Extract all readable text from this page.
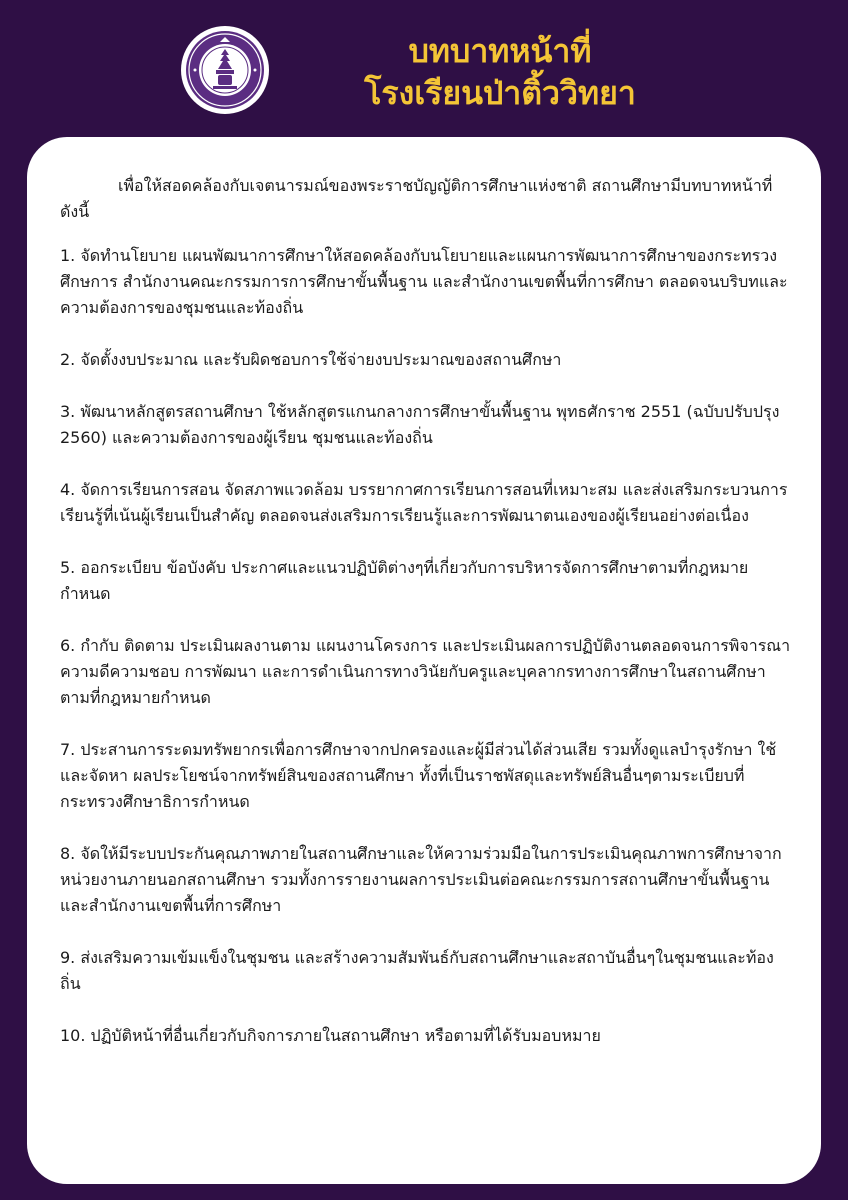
บทบาทหน้าที่
โรงเรียนป่าติ้ววิทยา

เพื่อให้สอดคล้องกับเจตนารมณ์ของพระราชบัญญัติการศึกษาแห่งชาติ สถานศึกษามีบทบาทหน้าที่ ดังนี้

1. จัดทำนโยบาย แผนพัฒนาการศึกษาให้สอดคล้องกับนโยบายและแผนการพัฒนาการศึกษาของกระทรวงศึกษการ สำนักงานคณะกรรมการการศึกษาขั้นพื้นฐาน และสำนักงานเขตพื้นที่การศึกษา ตลอดจนบริบทและความต้องการของชุมชนและท้องถิ่น

2. จัดตั้งงบประมาณ และรับผิดชอบการใช้จ่ายงบประมาณของสถานศึกษา

3. พัฒนาหลักสูตรสถานศึกษา ใช้หลักสูตรแกนกลางการศึกษาขั้นพื้นฐาน พุทธศักราช 2551 (ฉบับปรับปรุง 2560) และความต้องการของผู้เรียน ชุมชนและท้องถิ่น

4. จัดการเรียนการสอน จัดสภาพแวดล้อม บรรยากาศการเรียนการสอนที่เหมาะสม และส่งเสริมกระบวนการเรียนรู้ที่เน้นผู้เรียนเป็นสำคัญ ตลอดจนส่งเสริมการเรียนรู้และการพัฒนาตนเองของผู้เรียนอย่างต่อเนื่อง

5. ออกระเบียบ ข้อบังคับ ประกาศและแนวปฏิบัติต่างๆที่เกี่ยวกับการบริหารจัดการศึกษาตามที่กฎหมายกำหนด

6. กำกับ ติดตาม ประเมินผลงานตาม แผนงานโครงการ และประเมินผลการปฏิบัติงานตลอดจนการพิจารณาความดีความชอบ การพัฒนา และการดำเนินการทางวินัยกับครูและบุคลากรทางการศึกษาในสถานศึกษาตามที่กฎหมายกำหนด

7. ประสานการระดมทรัพยากรเพื่อการศึกษาจากปกครองและผู้มีส่วนได้ส่วนเสีย รวมทั้งดูแลบำรุงรักษา ใช้และจัดหา ผลประโยชน์จากทรัพย์สินของสถานศึกษา ทั้งที่เป็นราชพัสดุและทรัพย์สินอื่นๆตามระเบียบที่กระทรวงศึกษาธิการกำหนด

8. จัดให้มีระบบประกันคุณภาพภายในสถานศึกษาและให้ความร่วมมือในการประเมินคุณภาพการศึกษาจากหน่วยงานภายนอกสถานศึกษา รวมทั้งการรายงานผลการประเมินต่อคณะกรรมการสถานศึกษาขั้นพื้นฐานและสำนักงานเขตพื้นที่การศึกษา

9. ส่งเสริมความเข้มแข็งในชุมชน และสร้างความสัมพันธ์กับสถานศึกษาและสถาบันอื่นๆในชุมชนและท้องถิ่น

10. ปฏิบัติหน้าที่อื่นเกี่ยวกับกิจการภายในสถานศึกษา หรือตามที่ได้รับมอบหมาย
